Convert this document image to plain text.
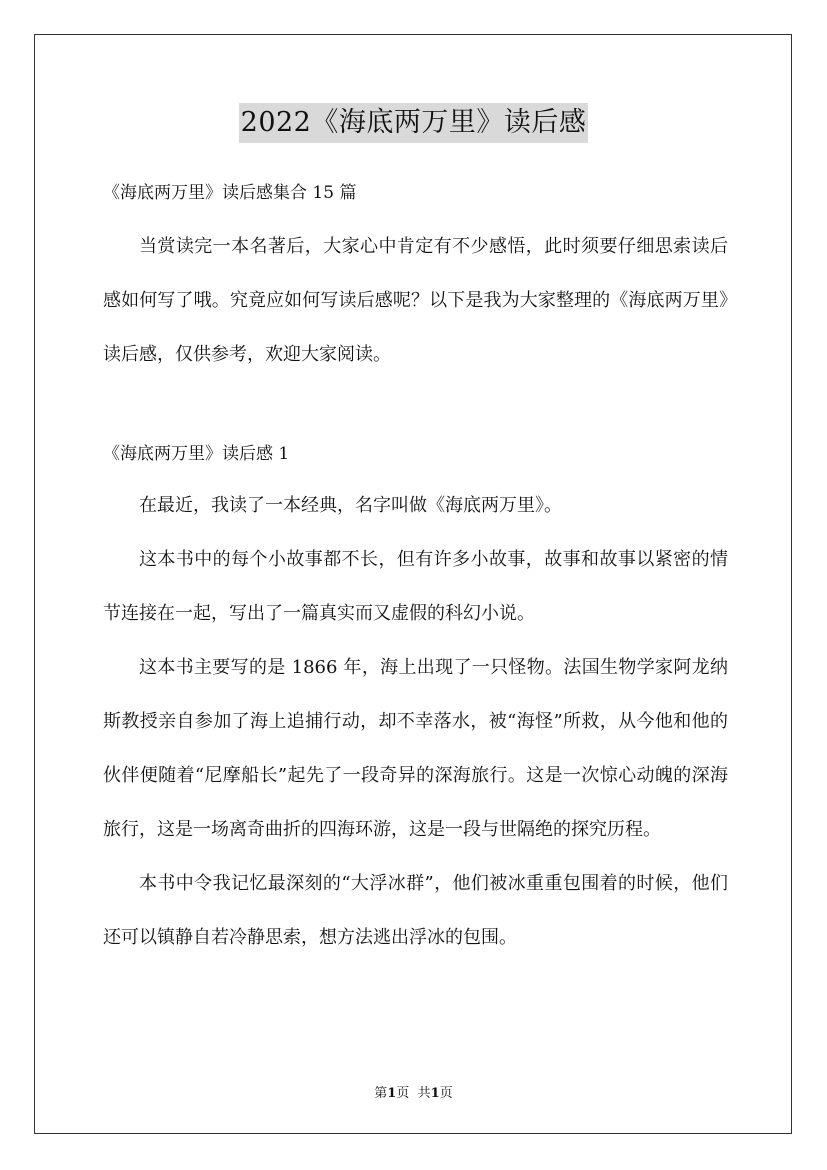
2022《海底两万里》读后感

《海底两万里》读后感集合 15 篇

当赏读完一本名著后，大家心中肯定有不少感悟，此时须要仔细思索读后感如何写了哦。究竟应如何写读后感呢？以下是我为大家整理的《海底两万里》读后感，仅供参考，欢迎大家阅读。

《海底两万里》读后感 1

在最近，我读了一本经典，名字叫做《海底两万里》。

这本书中的每个小故事都不长，但有许多小故事，故事和故事以紧密的情节连接在一起，写出了一篇真实而又虚假的科幻小说。

这本书主要写的是 1866 年，海上出现了一只怪物。法国生物学家阿龙纳斯教授亲自参加了海上追捕行动，却不幸落水，被“海怪”所救，从今他和他的伙伴便随着“尼摩船长”起先了一段奇异的深海旅行。这是一次惊心动魄的深海旅行，这是一场离奇曲折的四海环游，这是一段与世隔绝的探究历程。

本书中令我记忆最深刻的“大浮冰群”，他们被冰重重包围着的时候，他们还可以镇静自若冷静思索，想方法逃出浮冰的包围。

第1页 共1页
